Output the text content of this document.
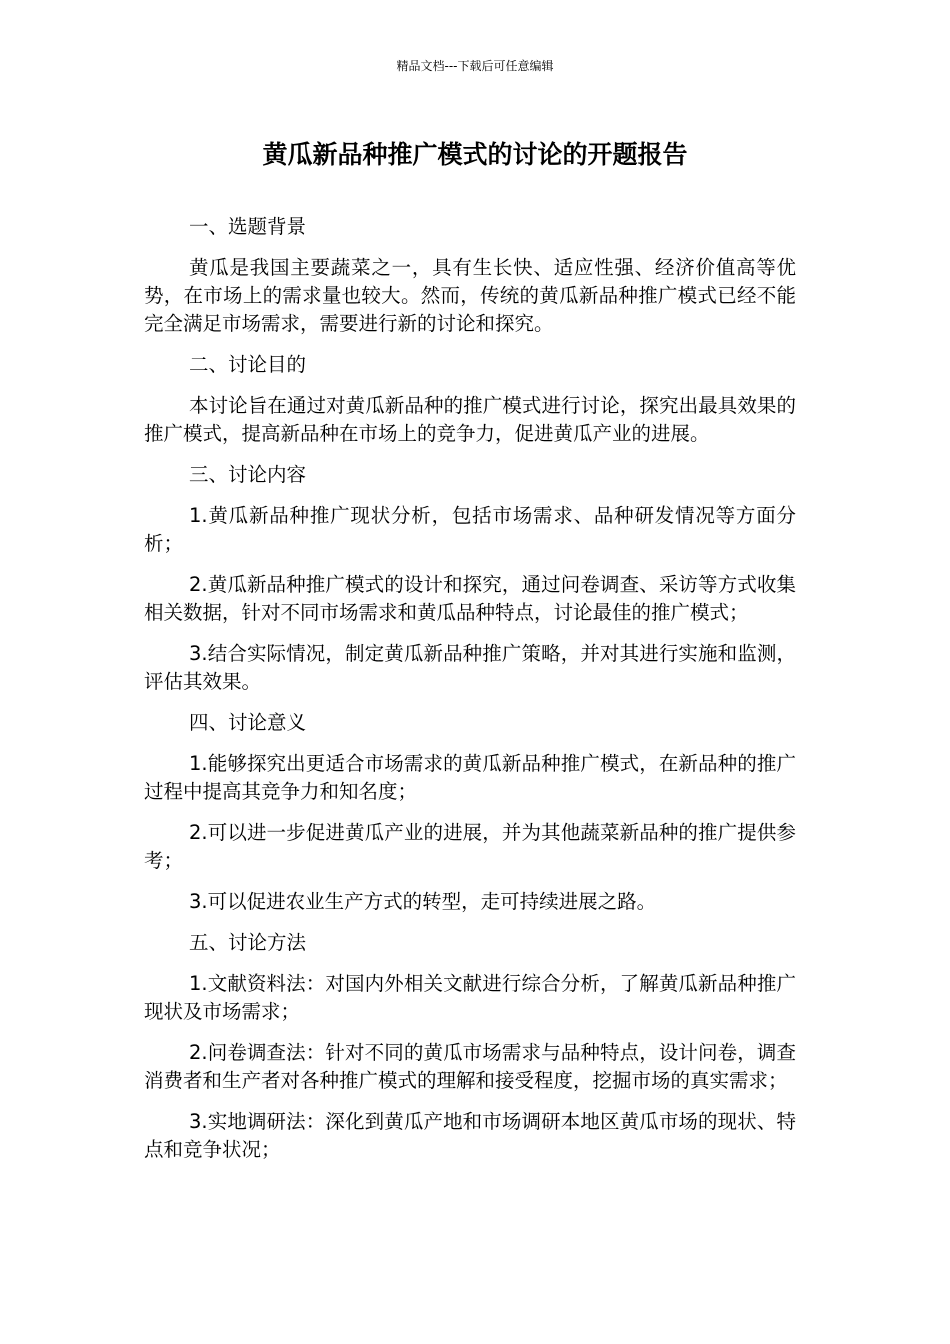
精品文档---下载后可任意编辑
黄瓜新品种推广模式的讨论的开题报告

一、选题背景

黄瓜是我国主要蔬菜之一，具有生长快、适应性强、经济价值高等优势，在市场上的需求量也较大。然而，传统的黄瓜新品种推广模式已经不能完全满足市场需求，需要进行新的讨论和探究。

二、讨论目的

本讨论旨在通过对黄瓜新品种的推广模式进行讨论，探究出最具效果的推广模式，提高新品种在市场上的竞争力，促进黄瓜产业的进展。

三、讨论内容

1.黄瓜新品种推广现状分析，包括市场需求、品种研发情况等方面分析；

2.黄瓜新品种推广模式的设计和探究，通过问卷调查、采访等方式收集相关数据，针对不同市场需求和黄瓜品种特点，讨论最佳的推广模式；

3.结合实际情况，制定黄瓜新品种推广策略，并对其进行实施和监测，评估其效果。

四、讨论意义

1.能够探究出更适合市场需求的黄瓜新品种推广模式，在新品种的推广过程中提高其竞争力和知名度；

2.可以进一步促进黄瓜产业的进展，并为其他蔬菜新品种的推广提供参考；

3.可以促进农业生产方式的转型，走可持续进展之路。

五、讨论方法

1.文献资料法：对国内外相关文献进行综合分析，了解黄瓜新品种推广现状及市场需求；

2.问卷调查法：针对不同的黄瓜市场需求与品种特点，设计问卷，调查消费者和生产者对各种推广模式的理解和接受程度，挖掘市场的真实需求；

3.实地调研法：深化到黄瓜产地和市场调研本地区黄瓜市场的现状、特点和竞争状况；
